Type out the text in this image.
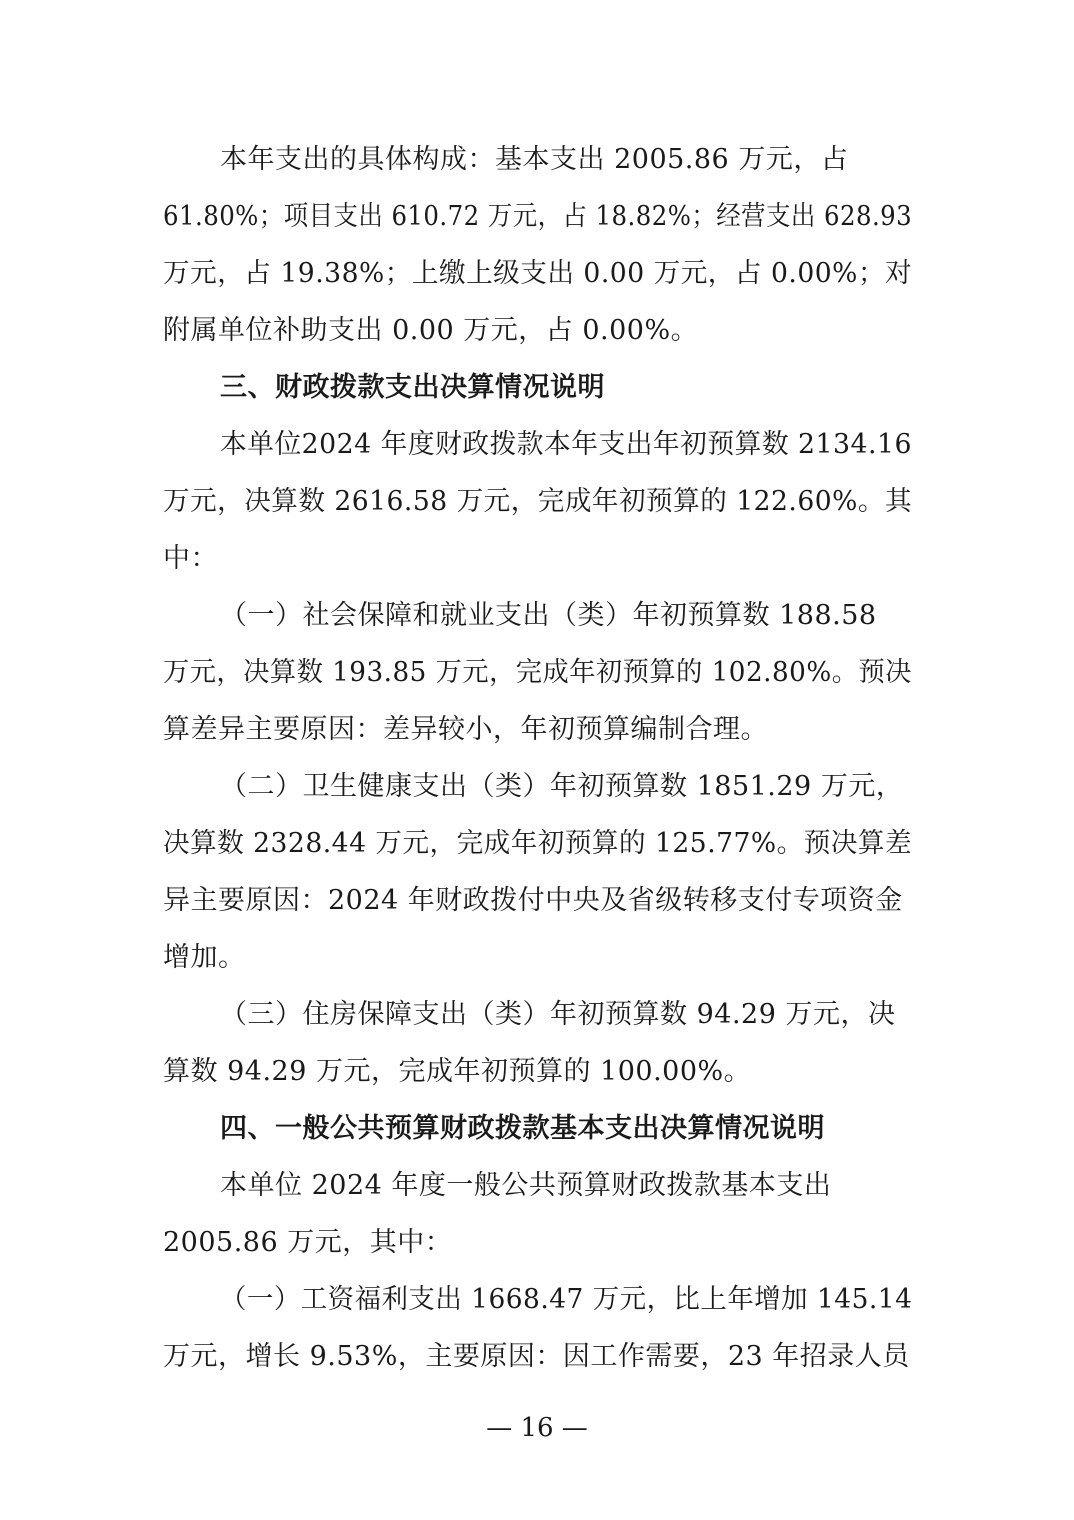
本年支出的具体构成：基本支出 2005.86 万元，占
61.80%；项目支出 610.72 万元，占 18.82%；经营支出 628.93
万元，占 19.38%；上缴上级支出 0.00 万元，占 0.00%；对
附属单位补助支出 0.00 万元，占 0.00%。
三、财政拨款支出决算情况说明
本单位2024 年度财政拨款本年支出年初预算数 2134.16
万元，决算数 2616.58 万元，完成年初预算的 122.60%。其
中：
（一）社会保障和就业支出（类）年初预算数 188.58
万元，决算数 193.85 万元，完成年初预算的 102.80%。预决
算差异主要原因：差异较小，年初预算编制合理。
（二）卫生健康支出（类）年初预算数 1851.29 万元，
决算数 2328.44 万元，完成年初预算的 125.77%。预决算差
异主要原因：2024 年财政拨付中央及省级转移支付专项资金
增加。
（三）住房保障支出（类）年初预算数 94.29 万元，决
算数 94.29 万元，完成年初预算的 100.00%。
四、一般公共预算财政拨款基本支出决算情况说明
本单位 2024 年度一般公共预算财政拨款基本支出
2005.86 万元，其中：
（一）工资福利支出 1668.47 万元，比上年增加 145.14
万元，增长 9.53%，主要原因：因工作需要，23 年招录人员
— 16 —
